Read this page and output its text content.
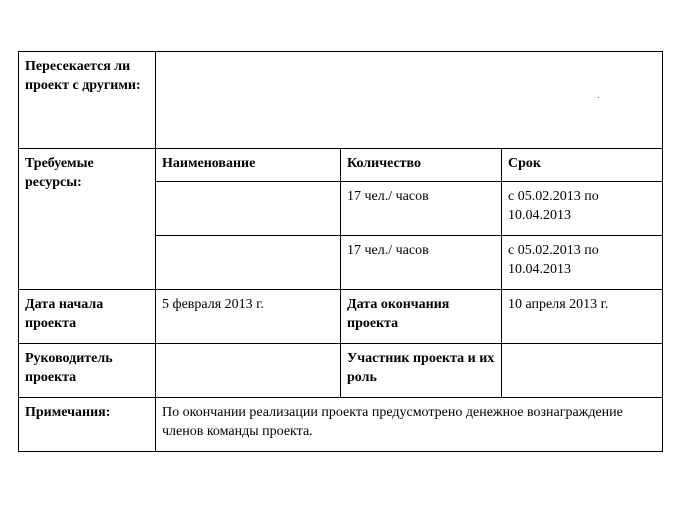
Пересекается ли проект с другими:			
Требуемые ресурсы:	Наименование	Количество	Срок
		17 чел./ часов	с 05.02.2013 по 10.04.2013
		17 чел./ часов	с 05.02.2013 по 10.04.2013
Дата начала проекта	5 февраля 2013 г.	Дата окончания проекта	10 апреля 2013 г.
Руководитель проекта		Участник проекта и их роль	
Примечания:	По окончании реализации проекта предусмотрено денежное вознаграждение членов команды проекта.		
